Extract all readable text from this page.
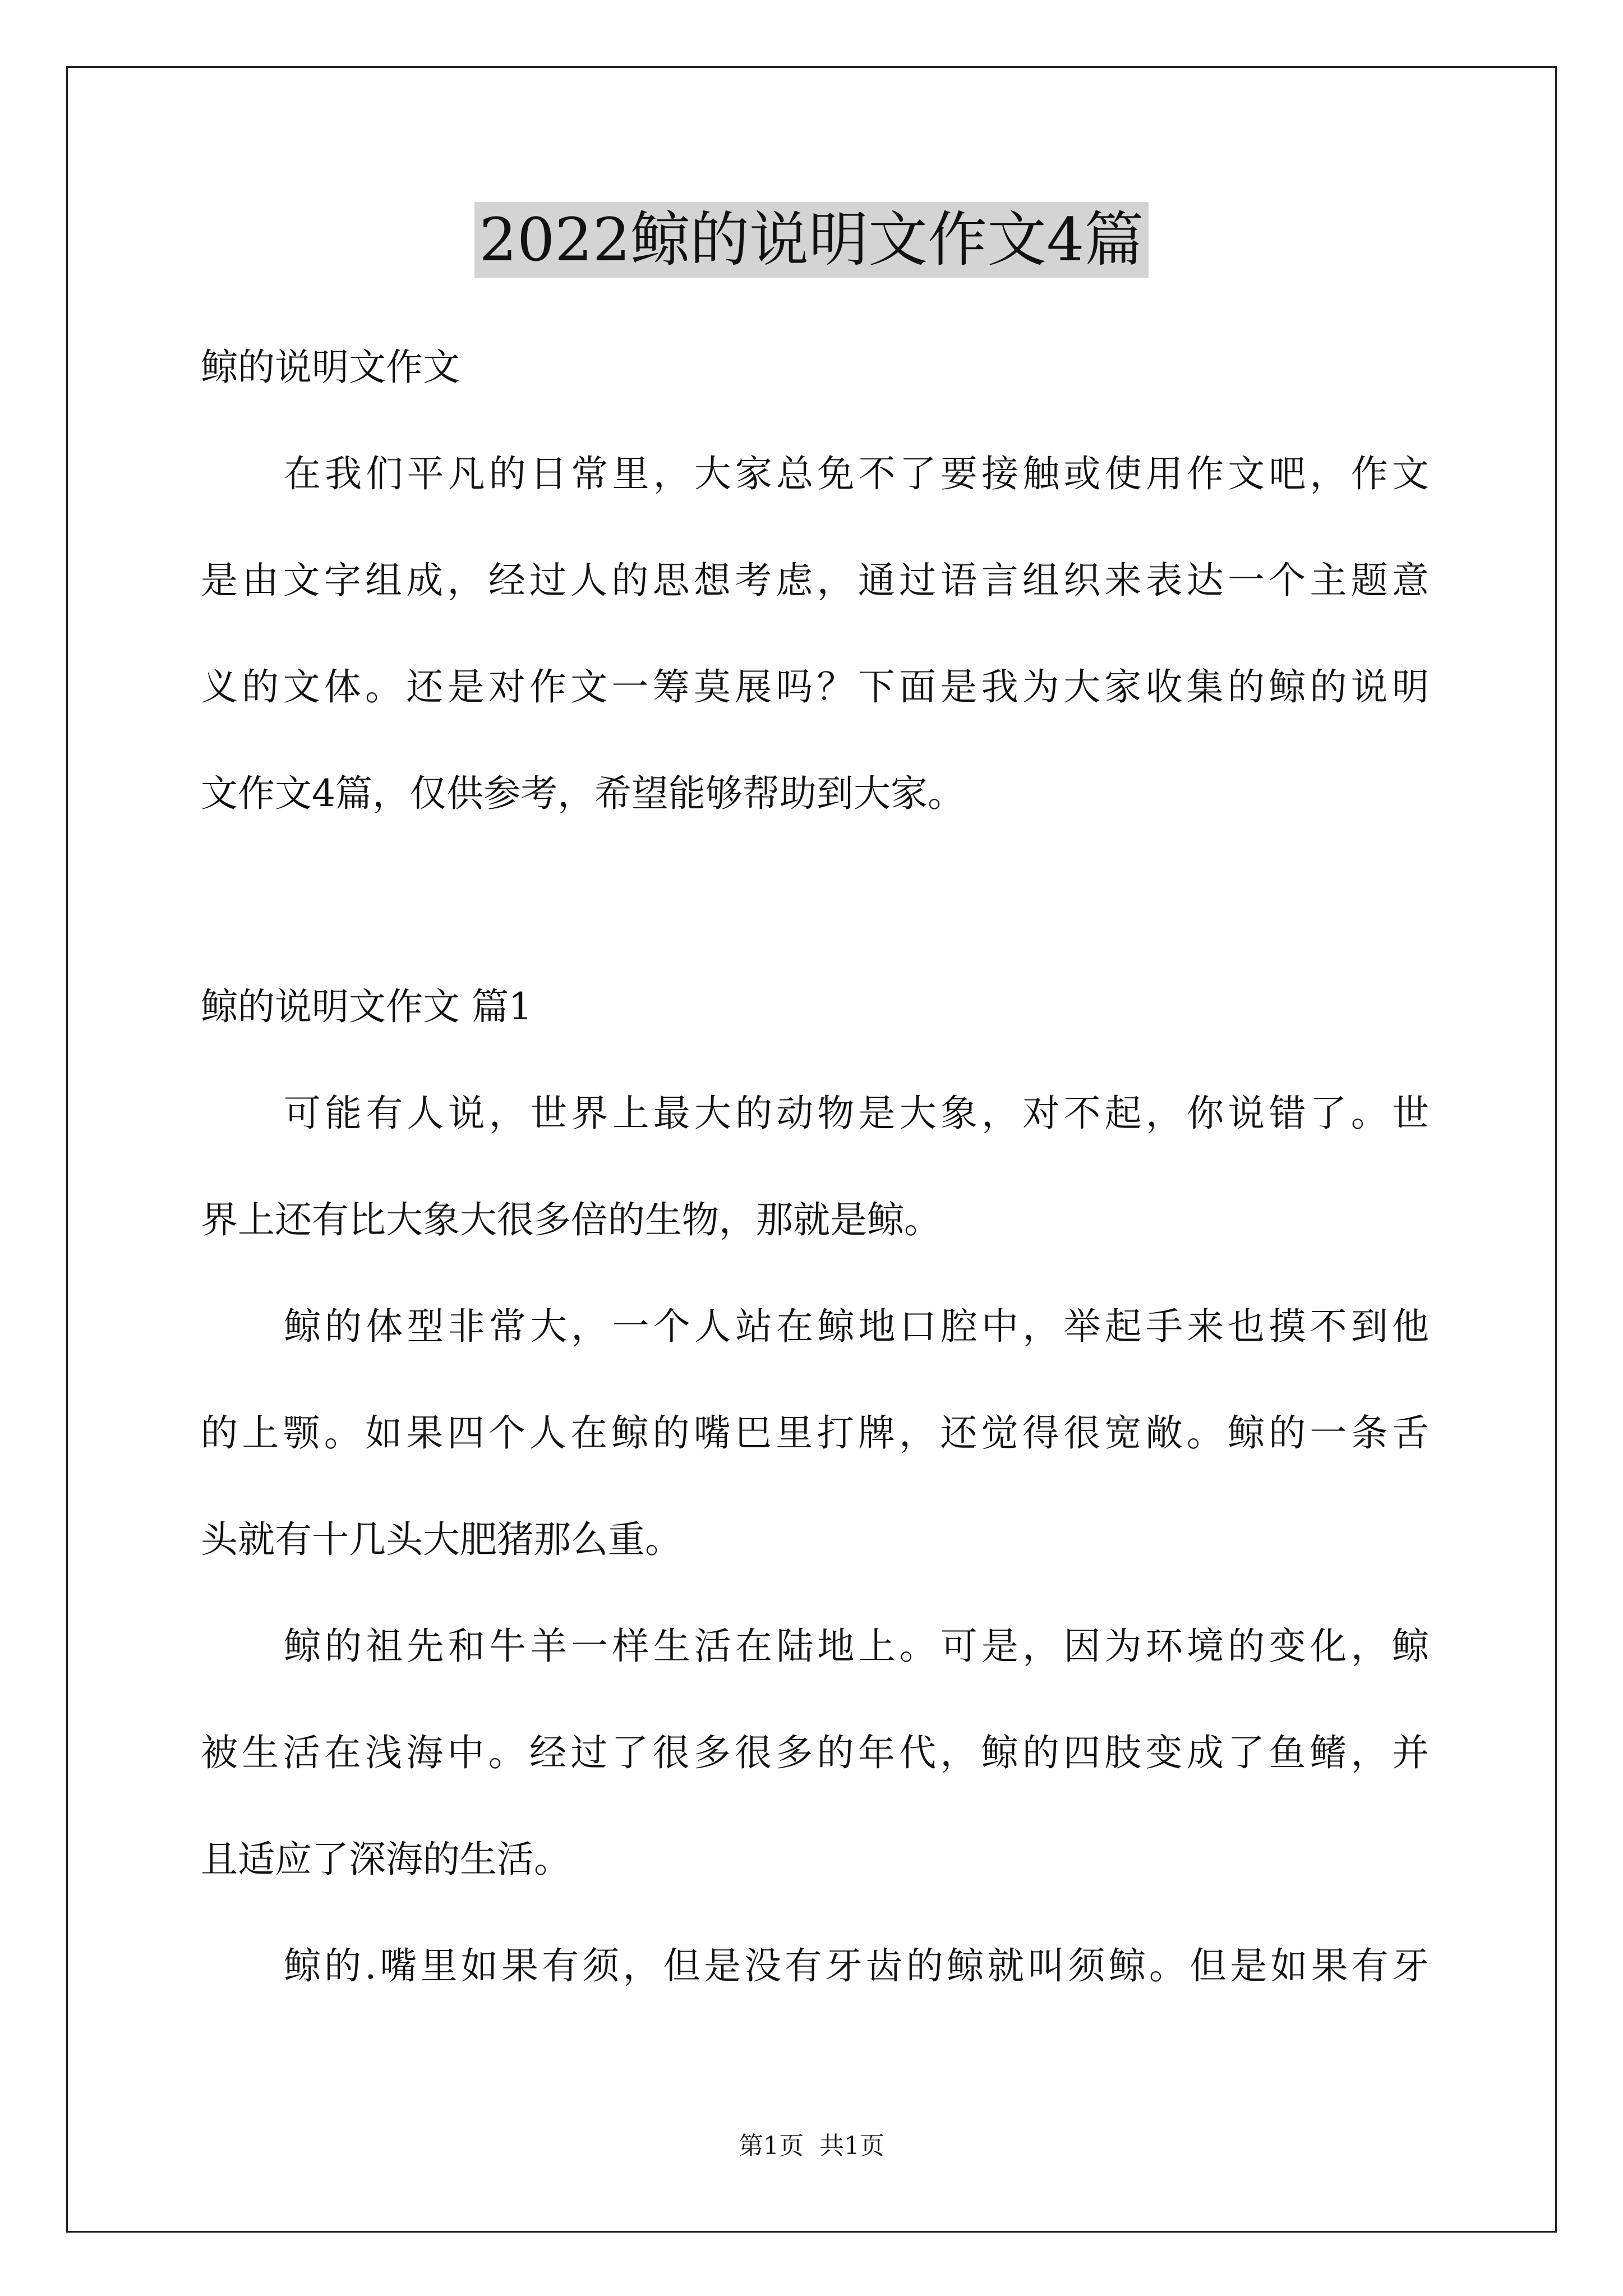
2022鲸的说明文作文4篇
鲸的说明文作文
在我们平凡的日常里，大家总免不了要接触或使用作文吧，作文
是由文字组成，经过人的思想考虑，通过语言组织来表达一个主题意
义的文体。还是对作文一筹莫展吗？下面是我为大家收集的鲸的说明
文作文4篇，仅供参考，希望能够帮助到大家。
鲸的说明文作文 篇1
可能有人说，世界上最大的动物是大象，对不起，你说错了。世
界上还有比大象大很多倍的生物，那就是鲸。
鲸的体型非常大，一个人站在鲸地口腔中，举起手来也摸不到他
的上颚。如果四个人在鲸的嘴巴里打牌，还觉得很宽敞。鲸的一条舌
头就有十几头大肥猪那么重。
鲸的祖先和牛羊一样生活在陆地上。可是，因为环境的变化，鲸
被生活在浅海中。经过了很多很多的年代，鲸的四肢变成了鱼鳍，并
且适应了深海的生活。
鲸的.嘴里如果有须，但是没有牙齿的鲸就叫须鲸。但是如果有牙
第1页  共1页
